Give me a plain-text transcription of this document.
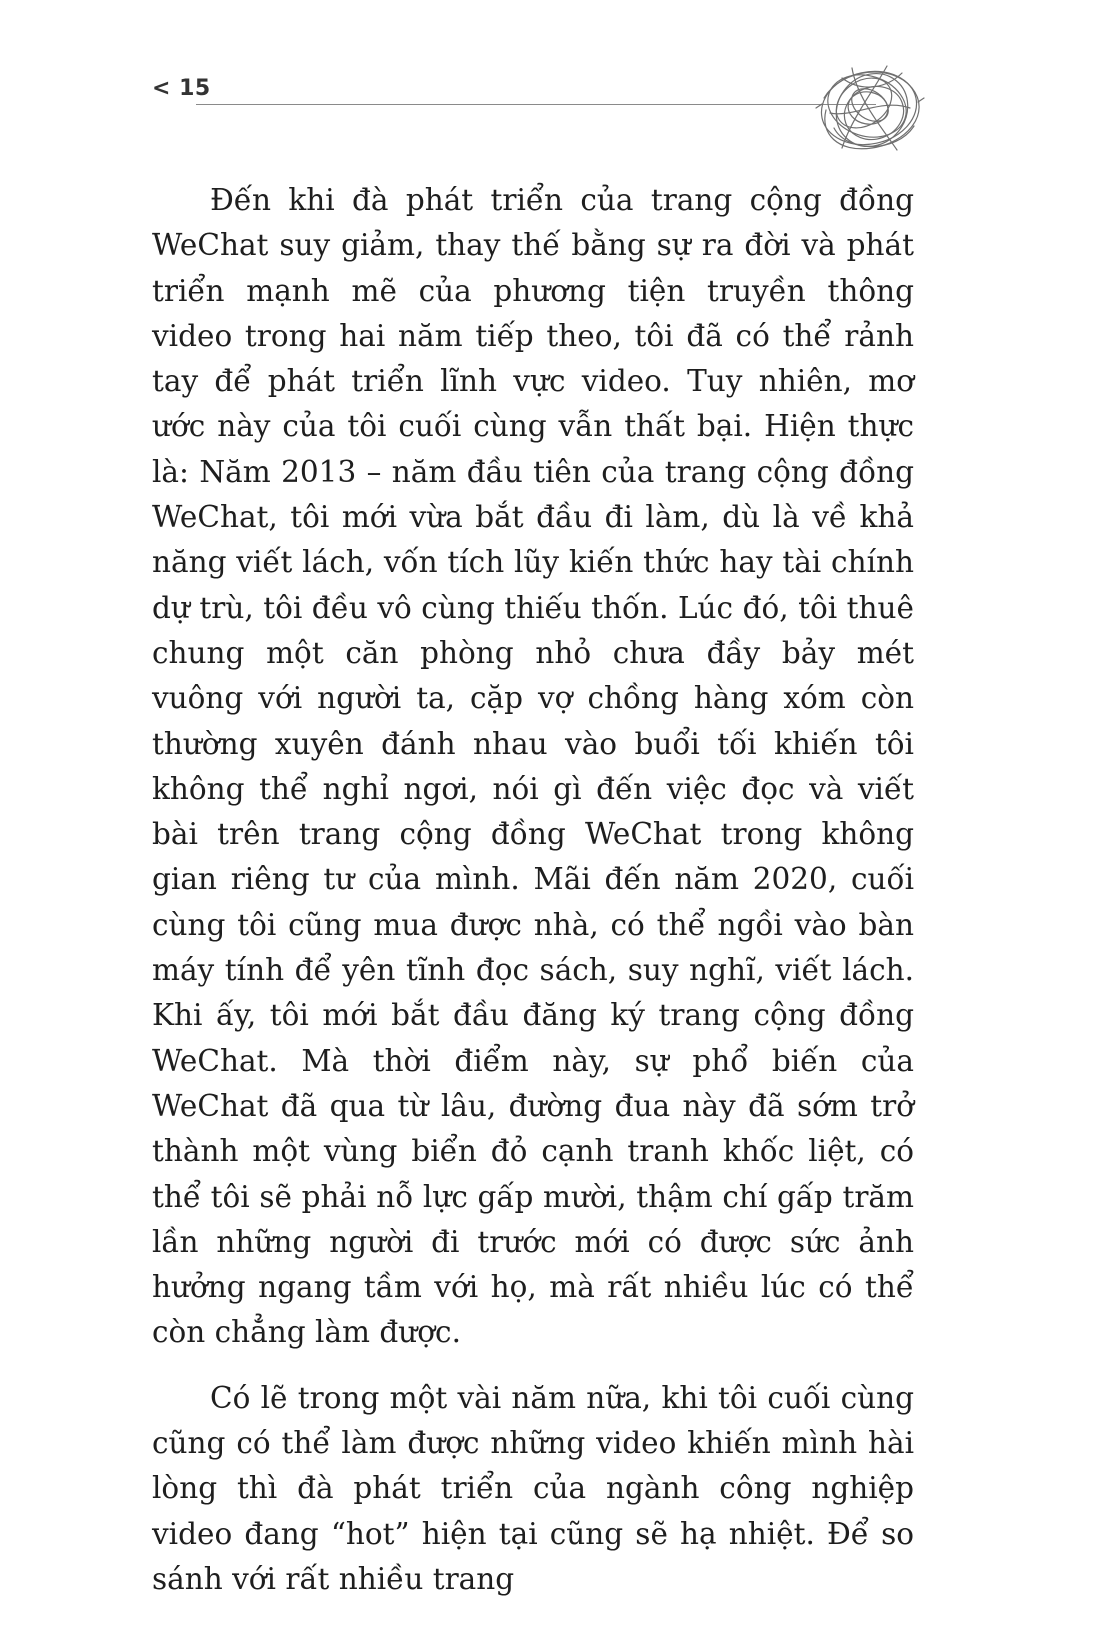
< 15

Đến khi đà phát triển của trang cộng đồng WeChat suy giảm, thay thế bằng sự ra đời và phát triển mạnh mẽ của phương tiện truyền thông video trong hai năm tiếp theo, tôi đã có thể rảnh tay để phát triển lĩnh vực video. Tuy nhiên, mơ ước này của tôi cuối cùng vẫn thất bại. Hiện thực là: Năm 2013 – năm đầu tiên của trang cộng đồng WeChat, tôi mới vừa bắt đầu đi làm, dù là về khả năng viết lách, vốn tích lũy kiến thức hay tài chính dự trù, tôi đều vô cùng thiếu thốn. Lúc đó, tôi thuê chung một căn phòng nhỏ chưa đầy bảy mét vuông với người ta, cặp vợ chồng hàng xóm còn thường xuyên đánh nhau vào buổi tối khiến tôi không thể nghỉ ngơi, nói gì đến việc đọc và viết bài trên trang cộng đồng WeChat trong không gian riêng tư của mình. Mãi đến năm 2020, cuối cùng tôi cũng mua được nhà, có thể ngồi vào bàn máy tính để yên tĩnh đọc sách, suy nghĩ, viết lách. Khi ấy, tôi mới bắt đầu đăng ký trang cộng đồng WeChat. Mà thời điểm này, sự phổ biến của WeChat đã qua từ lâu, đường đua này đã sớm trở thành một vùng biển đỏ cạnh tranh khốc liệt, có thể tôi sẽ phải nỗ lực gấp mười, thậm chí gấp trăm lần những người đi trước mới có được sức ảnh hưởng ngang tầm với họ, mà rất nhiều lúc có thể còn chẳng làm được.

Có lẽ trong một vài năm nữa, khi tôi cuối cùng cũng có thể làm được những video khiến mình hài lòng thì đà phát triển của ngành công nghiệp video đang “hot” hiện tại cũng sẽ hạ nhiệt. Để so sánh với rất nhiều trang
